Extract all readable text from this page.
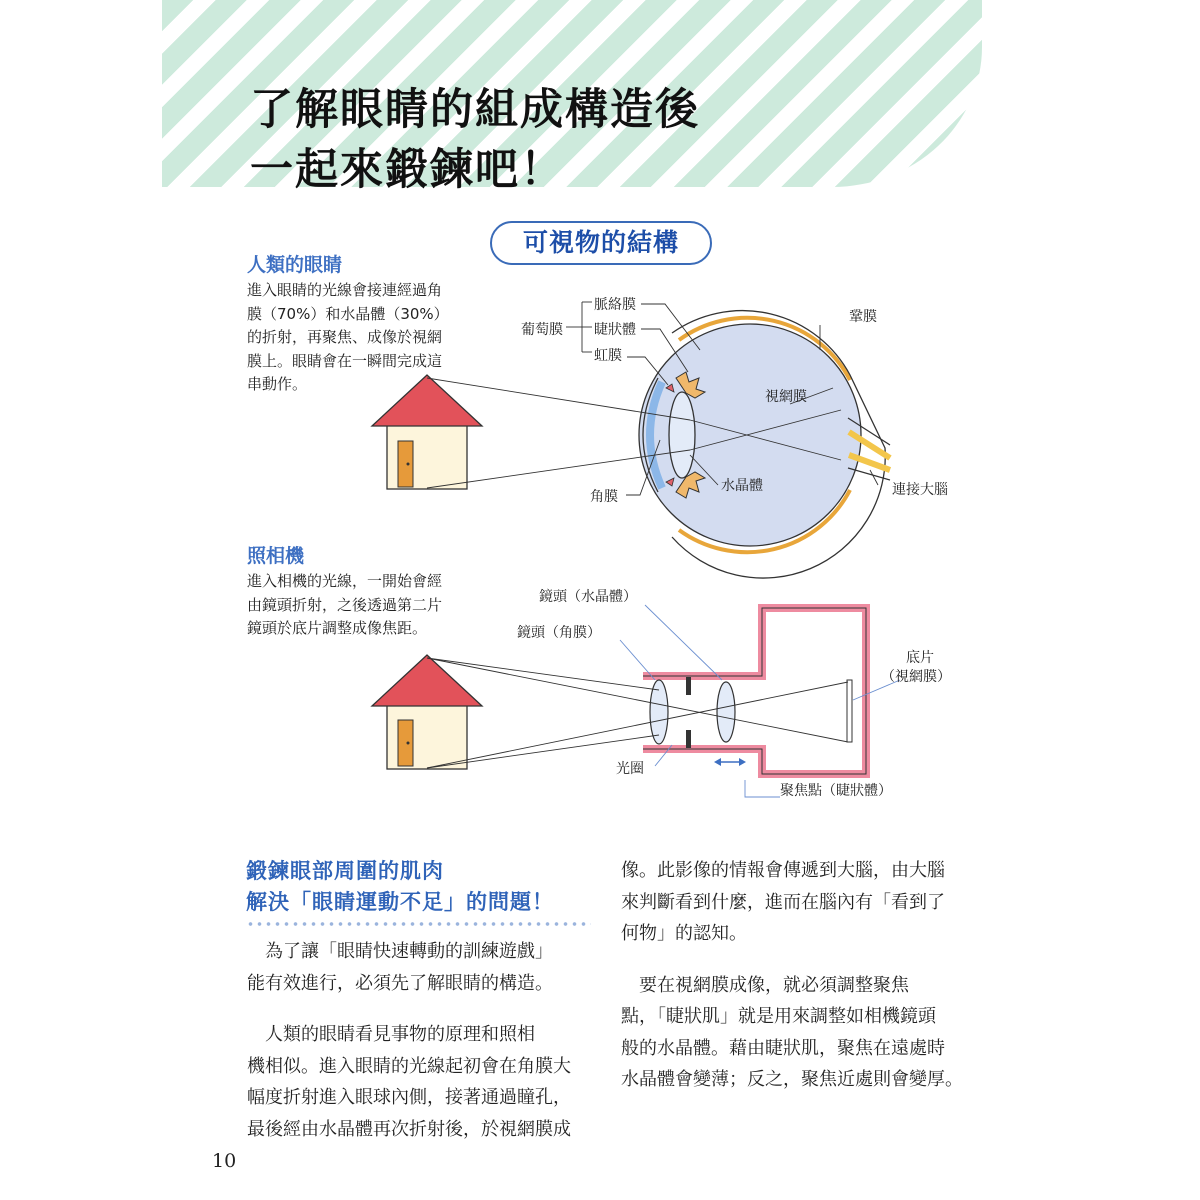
了解眼睛的組成構造後
一起來鍛鍊吧！
可視物的結構
人類的眼睛
進入眼睛的光線會接連經過角
膜（70%）和水晶體（30%）
的折射，再聚焦、成像於視網
膜上。眼睛會在一瞬間完成這
串動作。
葡萄膜
脈絡膜
睫狀體
虹膜
鞏膜
視網膜
水晶體
角膜	連接大腦
照相機
進入相機的光線，一開始會經
由鏡頭折射，之後透過第二片
鏡頭於底片調整成像焦距。
鏡頭（水晶體）
鏡頭（角膜）
底片
（視網膜）
光圈
聚焦點（睫狀體）
鍛鍊眼部周圍的肌肉
解決「眼睛運動不足」的問題！
　為了讓「眼睛快速轉動的訓練遊戲」
能有效進行，必須先了解眼睛的構造。
　人類的眼睛看見事物的原理和照相
機相似。進入眼睛的光線起初會在角膜大
幅度折射進入眼球內側，接著通過瞳孔，
最後經由水晶體再次折射後，於視網膜成
像。此影像的情報會傳遞到大腦，由大腦
來判斷看到什麼，進而在腦內有「看到了
何物」的認知。
　要在視網膜成像，就必須調整聚焦
點，「睫狀肌」就是用來調整如相機鏡頭
般的水晶體。藉由睫狀肌，聚焦在遠處時
水晶體會變薄；反之，聚焦近處則會變厚。
10
